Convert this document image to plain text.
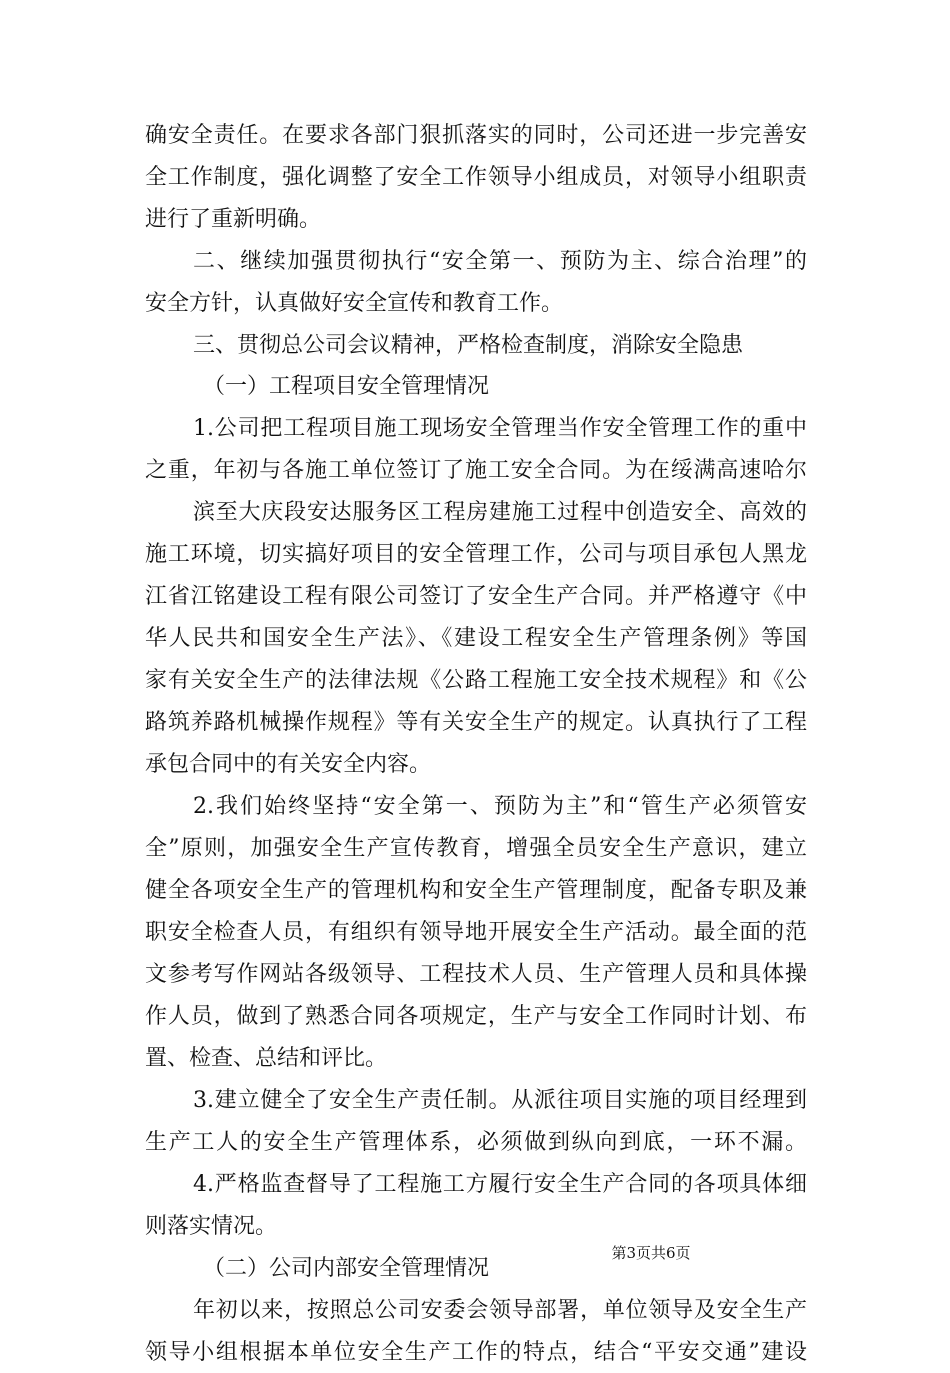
确安全责任。在要求各部门狠抓落实的同时，公司还进一步完善安
全工作制度，强化调整了安全工作领导小组成员，对领导小组职责
进行了重新明确。
二、继续加强贯彻执行“安全第一、预防为主、综合治理”的
安全方针，认真做好安全宣传和教育工作。
三、贯彻总公司会议精神，严格检查制度，消除安全隐患
（一）工程项目安全管理情况
1.公司把工程项目施工现场安全管理当作安全管理工作的重中
之重，年初与各施工单位签订了施工安全合同。为在绥满高速哈尔
滨至大庆段安达服务区工程房建施工过程中创造安全、高效的
施工环境，切实搞好项目的安全管理工作，公司与项目承包人黑龙
江省江铭建设工程有限公司签订了安全生产合同。并严格遵守《中
华人民共和国安全生产法》、《建设工程安全生产管理条例》等国
家有关安全生产的法律法规《公路工程施工安全技术规程》和《公
路筑养路机械操作规程》等有关安全生产的规定。认真执行了工程
承包合同中的有关安全内容。
2.我们始终坚持“安全第一、预防为主”和“管生产必须管安
全”原则，加强安全生产宣传教育，增强全员安全生产意识，建立
健全各项安全生产的管理机构和安全生产管理制度，配备专职及兼
职安全检查人员，有组织有领导地开展安全生产活动。最全面的范
文参考写作网站各级领导、工程技术人员、生产管理人员和具体操
作人员，做到了熟悉合同各项规定，生产与安全工作同时计划、布
置、检查、总结和评比。
3.建立健全了安全生产责任制。从派往项目实施的项目经理到
生产工人的安全生产管理体系，必须做到纵向到底，一环不漏。
4.严格监查督导了工程施工方履行安全生产合同的各项具体细
则落实情况。
（二）公司内部安全管理情况
年初以来，按照总公司安委会领导部署，单位领导及安全生产
领导小组根据本单位安全生产工作的特点，结合“平安交通”建设
第3页共6页
